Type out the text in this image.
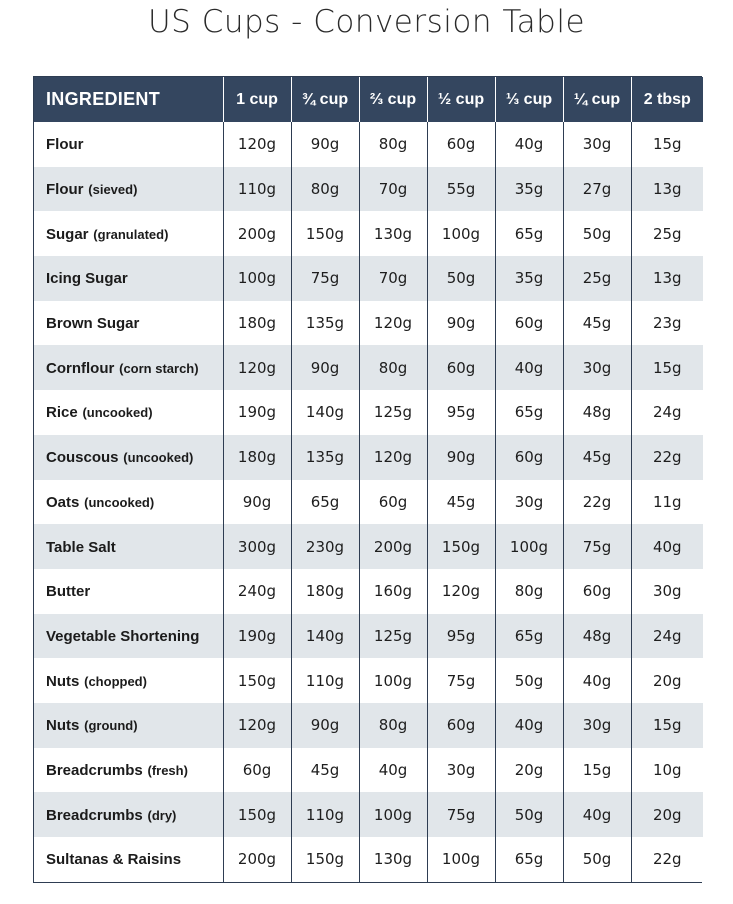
US Cups - Conversion Table
INGREDIENT	1 cup	¾ cup	⅔ cup	½ cup	⅓ cup	¼ cup	2 tbsp
Flour	120g	90g	80g	60g	40g	30g	15g
Flour (sieved)	110g	80g	70g	55g	35g	27g	13g
Sugar (granulated)	200g	150g	130g	100g	65g	50g	25g
Icing Sugar	100g	75g	70g	50g	35g	25g	13g
Brown Sugar	180g	135g	120g	90g	60g	45g	23g
Cornflour (corn starch)	120g	90g	80g	60g	40g	30g	15g
Rice (uncooked)	190g	140g	125g	95g	65g	48g	24g
Couscous (uncooked)	180g	135g	120g	90g	60g	45g	22g
Oats (uncooked)	90g	65g	60g	45g	30g	22g	11g
Table Salt	300g	230g	200g	150g	100g	75g	40g
Butter	240g	180g	160g	120g	80g	60g	30g
Vegetable Shortening	190g	140g	125g	95g	65g	48g	24g
Nuts (chopped)	150g	110g	100g	75g	50g	40g	20g
Nuts (ground)	120g	90g	80g	60g	40g	30g	15g
Breadcrumbs (fresh)	60g	45g	40g	30g	20g	15g	10g
Breadcrumbs (dry)	150g	110g	100g	75g	50g	40g	20g
Sultanas & Raisins	200g	150g	130g	100g	65g	50g	22g
